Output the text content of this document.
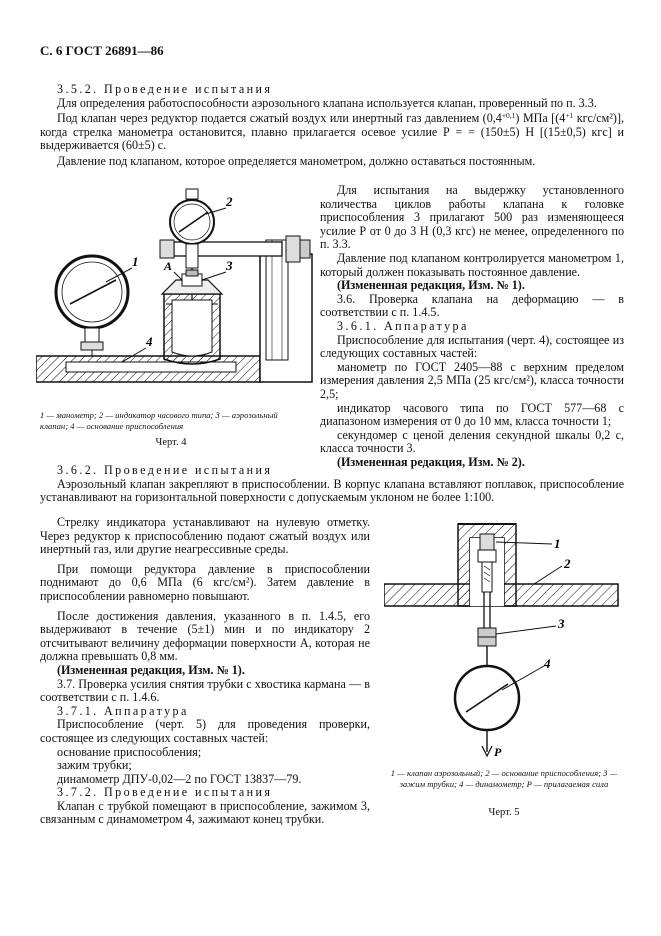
С. 6 ГОСТ 26891—86

3.5.2. Проведение испытания

Для определения работоспособности аэрозольного клапана используется клапан, проверенный по п. 3.3.

Под клапан через редуктор подается сжатый воздух или инертный газ давлением $(0,4^{+0,1})$ МПа [($4^{+1}$ кгс/см²)], когда стрелка манометра остановится, плавно прилагается осевое усилие Р = = (150±5) Н [(15±0,5) кгс] и выдерживается (60±5) с.

Давление под клапаном, которое определяется манометром, должно оставаться постоянным.

Для испытания на выдержку установленного количества циклов работы клапана к головке приспособления 3 прилагают 500 раз изменяющееся усилие Р от 0 до 3 Н (0,3 кгс) не менее, определенного по п. 3.3.

Давление под клапаном контролируется манометром 1, который должен показывать постоянное давление.

(Измененная редакция, Изм. № 1).

3.6. Проверка клапана на деформацию — в соответствии с п. 1.4.5.

3.6.1. Аппаратура

Приспособление для испытания (черт. 4), состоящее из следующих составных частей:

манометр по ГОСТ 2405—88 с верхним пределом измерения давления 2,5 МПа (25 кгс/см²), класса точности 2,5;

индикатор часового типа по ГОСТ 577—68 с диапазоном измерения от 0 до 10 мм, класса точности 1;

секундомер с ценой деления секундной шкалы 0,2 с, класса точности 3.

(Измененная редакция, Изм. № 2).

1
2
А	3
4
1 — манометр; 2 — индикатор часового типа; 3 — аэрозольный клапан; 4 — основание приспособления
Черт. 4

3.6.2. Проведение испытания

Аэрозольный клапан закрепляют в приспособлении. В корпус клапана вставляют поплавок, приспособление устанавливают на горизонтальной поверхности с допускаемым уклоном не более 1:100.

Стрелку индикатора устанавливают на нулевую отметку. Через редуктор к приспособлению подают сжатый воздух или инертный газ, или другие неагрессивные среды.

При помощи редуктора давление в приспособлении поднимают до 0,6 МПа (6 кгс/см²). Затем давление в приспособлении равномерно повышают.

После достижения давления, указанного в п. 1.4.5, его выдерживают в течение (5±1) мин и по индикатору 2 отсчитывают величину деформации поверхности А, которая не должна превышать 0,8 мм.

(Измененная редакция, Изм. № 1).

3.7. Проверка усилия снятия трубки с хвостика кармана — в соответствии с п. 1.4.6.

3.7.1. Аппаратура

Приспособление (черт. 5) для проведения проверки, состоящее из следующих составных частей:

основание приспособления;

зажим трубки;

динамометр ДПУ-0,02—2 по ГОСТ 13837—79.

3.7.2. Проведение испытания

Клапан с трубкой помещают в приспособление, зажимом 3, связанным с динамометром 4, зажимают конец трубки.

1
2
3
4
Р
1 — клапан аэрозольный; 2 — основание приспособления; 3 — зажим трубки; 4 — динамометр; Р — прилагаемая сила
Черт. 5
